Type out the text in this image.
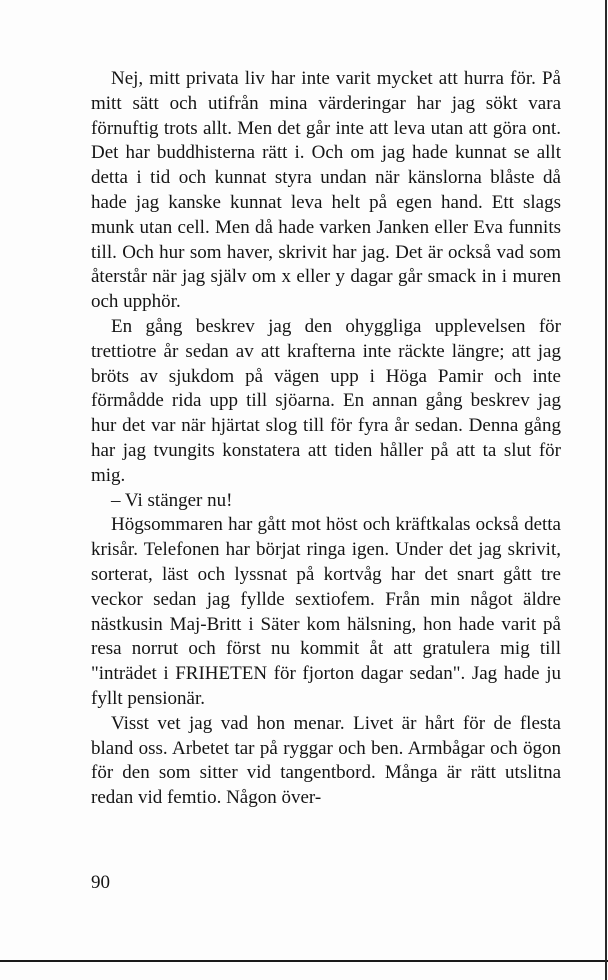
Nej, mitt privata liv har inte varit mycket att hurra för. På mitt sätt och utifrån mina värderingar har jag sökt vara förnuftig trots allt. Men det går inte att leva utan att göra ont. Det har buddhisterna rätt i. Och om jag hade kunnat se allt detta i tid och kunnat styra undan när känslorna blåste då hade jag kanske kunnat leva helt på egen hand. Ett slags munk utan cell. Men då hade varken Janken eller Eva funnits till. Och hur som haver, skrivit har jag. Det är också vad som återstår när jag själv om x eller y dagar går smack in i muren och upphör.

En gång beskrev jag den ohyggliga upplevelsen för trettiotre år sedan av att krafterna inte räckte längre; att jag bröts av sjukdom på vägen upp i Höga Pamir och inte förmådde rida upp till sjöarna. En annan gång beskrev jag hur det var när hjärtat slog till för fyra år sedan. Denna gång har jag tvungits konstatera att tiden håller på att ta slut för mig.

– Vi stänger nu!

Högsommaren har gått mot höst och kräftkalas också detta krisår. Telefonen har börjat ringa igen. Under det jag skrivit, sorterat, läst och lyssnat på kortvåg har det snart gått tre veckor sedan jag fyllde sextiofem. Från min något äldre nästkusin Maj-Britt i Säter kom hälsning, hon hade varit på resa norrut och först nu kommit åt att gratulera mig till "inträdet i FRIHETEN för fjorton dagar sedan". Jag hade ju fyllt pensionär.

Visst vet jag vad hon menar. Livet är hårt för de flesta bland oss. Arbetet tar på ryggar och ben. Armbågar och ögon för den som sitter vid tangentbord. Många är rätt utslitna redan vid femtio. Någon över-

90
